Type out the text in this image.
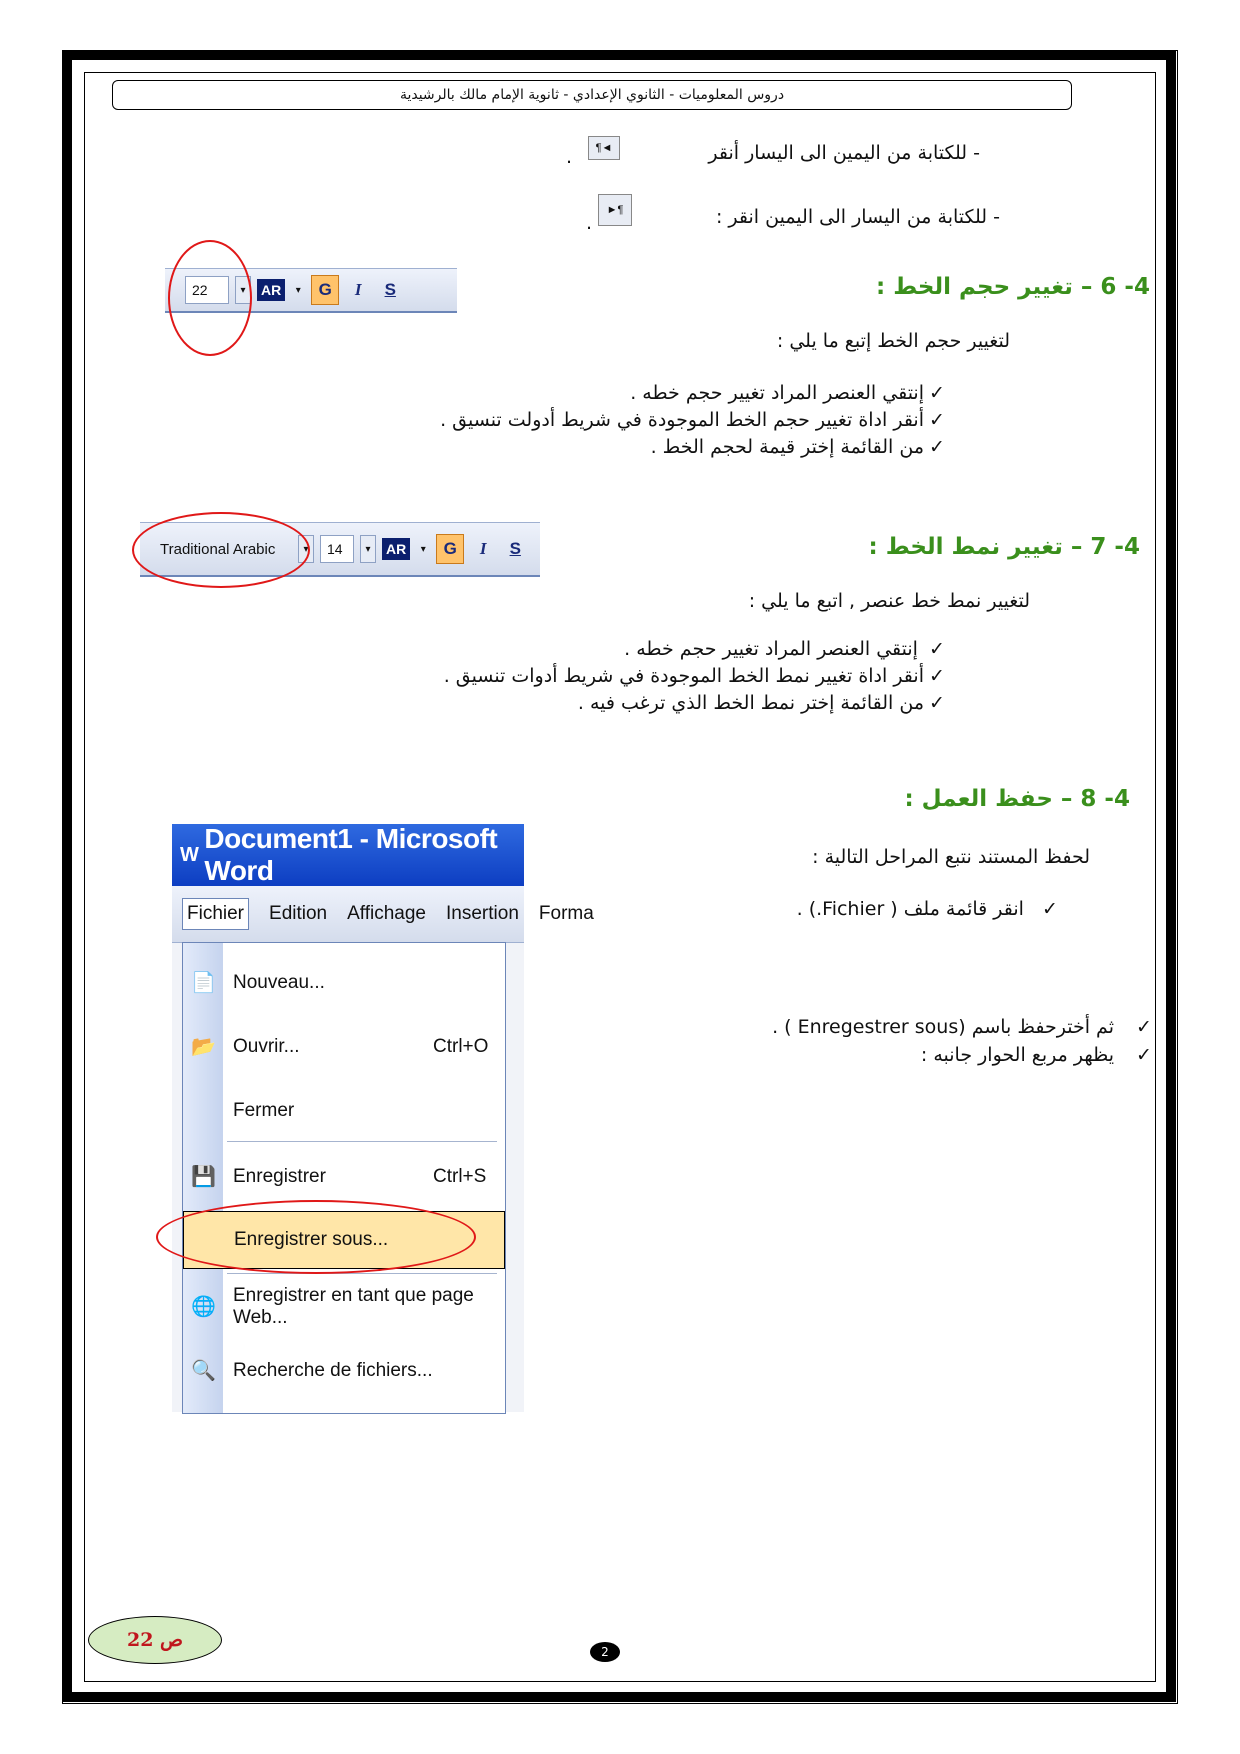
دروس المعلوميات - الثانوي الإعدادي - ثانوية الإمام مالك بالرشيدية
- للكتابة من اليمين الى اليسار أنقر
¶◄
.
- للكتابة من اليسار الى اليمين انقر :
►¶
.
4- 6 – تغيير حجم الخط :
22	▾	AR	▾	G	I	S
لتغيير حجم الخط إتبع ما يلي :
✓إنتقي العنصر المراد تغيير حجم خطه .
✓أنقر اداة تغيير حجم الخط الموجودة في شريط أدولت تنسيق .
✓من القائمة إختر قيمة لحجم الخط .
4- 7 – تغيير نمط الخط :
Traditional Arabic	▾	14	▾	AR	▾	G	I	S
لتغيير نمط خط عنصر , اتبع ما يلي :
✓ إنتقي العنصر المراد تغيير حجم خطه .
✓أنقر اداة تغيير نمط الخط الموجودة في شريط أدوات تنسيق .
✓من القائمة إختر نمط الخط الذي ترغب فيه .
4- 8 – حفظ العمل :
لحفظ المستند نتبع المراحل التالية :
✓ انقر قائمة ملف ( Fichier.) .
✓ثم أخترحفظ باسم (Enregestrer sous ) .
✓يظهر مربع الحوار جانبه :
W
Document1 - Microsoft Word
Fichier Edition Affichage Insertion Forma
📄 Nouveau...
📂 Ouvrir...	Ctrl+O
Fermer
💾 Enregistrer	Ctrl+S
Enregistrer sous...
🌐
Enregistrer en tant que page Web...
🔍 Recherche de fichiers...
ص 22
2
